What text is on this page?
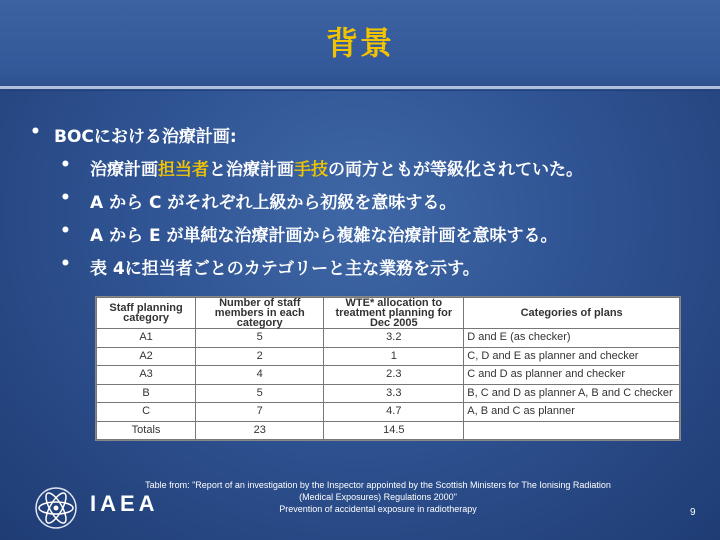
背景
• BOCにおける治療計画:
•	治療計画担当者と治療計画手技の両方ともが等級化されていた。
•	A から C がそれぞれ上級から初級を意味する。
•	A から E が単純な治療計画から複雑な治療計画を意味する。
•	表 4に担当者ごとのカテゴリーと主な業務を示す。
Staff planning category	Number of staff members in each category	WTE* allocation to treatment planning for Dec 2005	Categories of plans
A1	5	3.2	D and E (as checker)
A2	2	1	C, D and E as planner and checker
A3	4	2.3	C and D as planner and checker
B	5	3.3	B, C and D as planner A, B and C checker
C	7	4.7	A, B and C as planner
Totals	23	14.5	
Table from: "Report of an investigation by the Inspector appointed by the Scottish Ministers for The Ionising Radiation
(Medical Exposures) Regulations 2000"
Prevention of accidental exposure in radiotherapy
IAEA	9
